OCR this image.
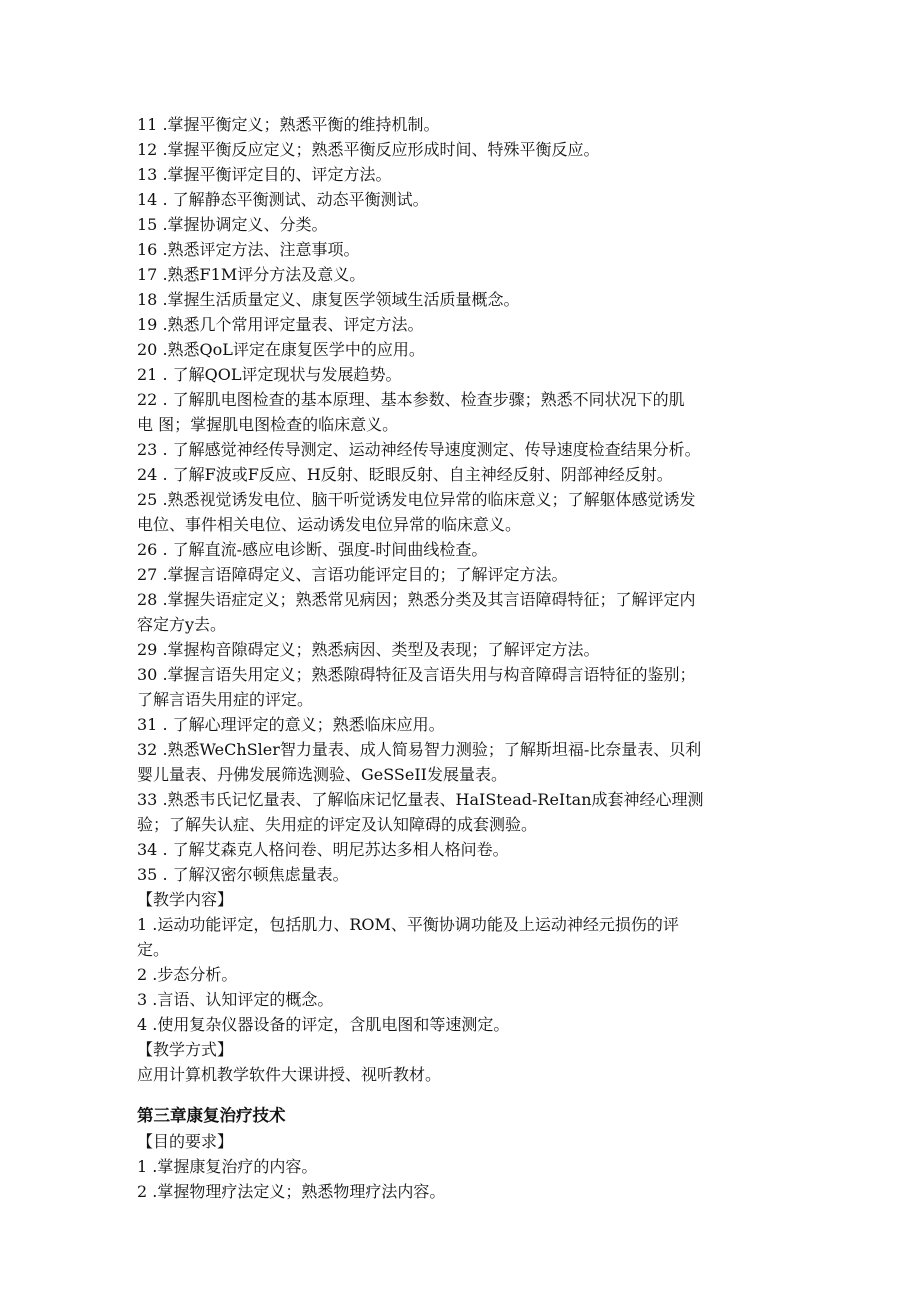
11 .掌握平衡定义；熟悉平衡的维持机制。

12 .掌握平衡反应定义；熟悉平衡反应形成时间、特殊平衡反应。

13 .掌握平衡评定目的、评定方法。

14 . 了解静态平衡测试、动态平衡测试。

15 .掌握协调定义、分类。

16 .熟悉评定方法、注意事项。

17 .熟悉F1M评分方法及意义。

18 .掌握生活质量定义、康复医学领域生活质量概念。

19 .熟悉几个常用评定量表、评定方法。

20 .熟悉QoL评定在康复医学中的应用。

21 . 了解QOL评定现状与发展趋势。

22 . 了解肌电图检查的基本原理、基本参数、检查步骤；熟悉不同状况下的肌

电 图；掌握肌电图检查的临床意义。

23 . 了解感觉神经传导测定、运动神经传导速度测定、传导速度检查结果分析。

24 . 了解F波或F反应、H反射、眨眼反射、自主神经反射、阴部神经反射。

25 .熟悉视觉诱发电位、脑干听觉诱发电位异常的临床意义；了解躯体感觉诱发

电位、事件相关电位、运动诱发电位异常的临床意义。

26 . 了解直流-感应电诊断、强度-时间曲线检查。

27 .掌握言语障碍定义、言语功能评定目的；了解评定方法。

28 .掌握失语症定义；熟悉常见病因；熟悉分类及其言语障碍特征；了解评定内

容定方y去。

29 .掌握构音隙碍定义；熟悉病因、类型及表现；了解评定方法。

30 .掌握言语失用定义；熟悉隙碍特征及言语失用与构音障碍言语特征的鉴别；

了解言语失用症的评定。

31 . 了解心理评定的意义；熟悉临床应用。

32 .熟悉WeChSler智力量表、成人简易智力测验；了解斯坦福-比奈量表、贝利

婴儿量表、丹佛发展筛选测验、GeSSeII发展量表。

33 .熟悉韦氏记忆量表、了解临床记忆量表、HaIStead-ReItan成套神经心理测

验；了解失认症、失用症的评定及认知障碍的成套测验。

34 . 了解艾森克人格问卷、明尼苏达多相人格问卷。

35 . 了解汉密尔顿焦虑量表。

【教学内容】

1 .运动功能评定，包括肌力、ROM、平衡协调功能及上运动神经元损伤的评

定。

2 .步态分析。

3 .言语、认知评定的概念。

4 .使用复杂仪器设备的评定，含肌电图和等速测定。

【教学方式】

应用计算机教学软件大课讲授、视听教材。

第三章康复治疗技术

【目的要求】

1 .掌握康复治疗的内容。

2 .掌握物理疗法定义；熟悉物理疗法内容。
